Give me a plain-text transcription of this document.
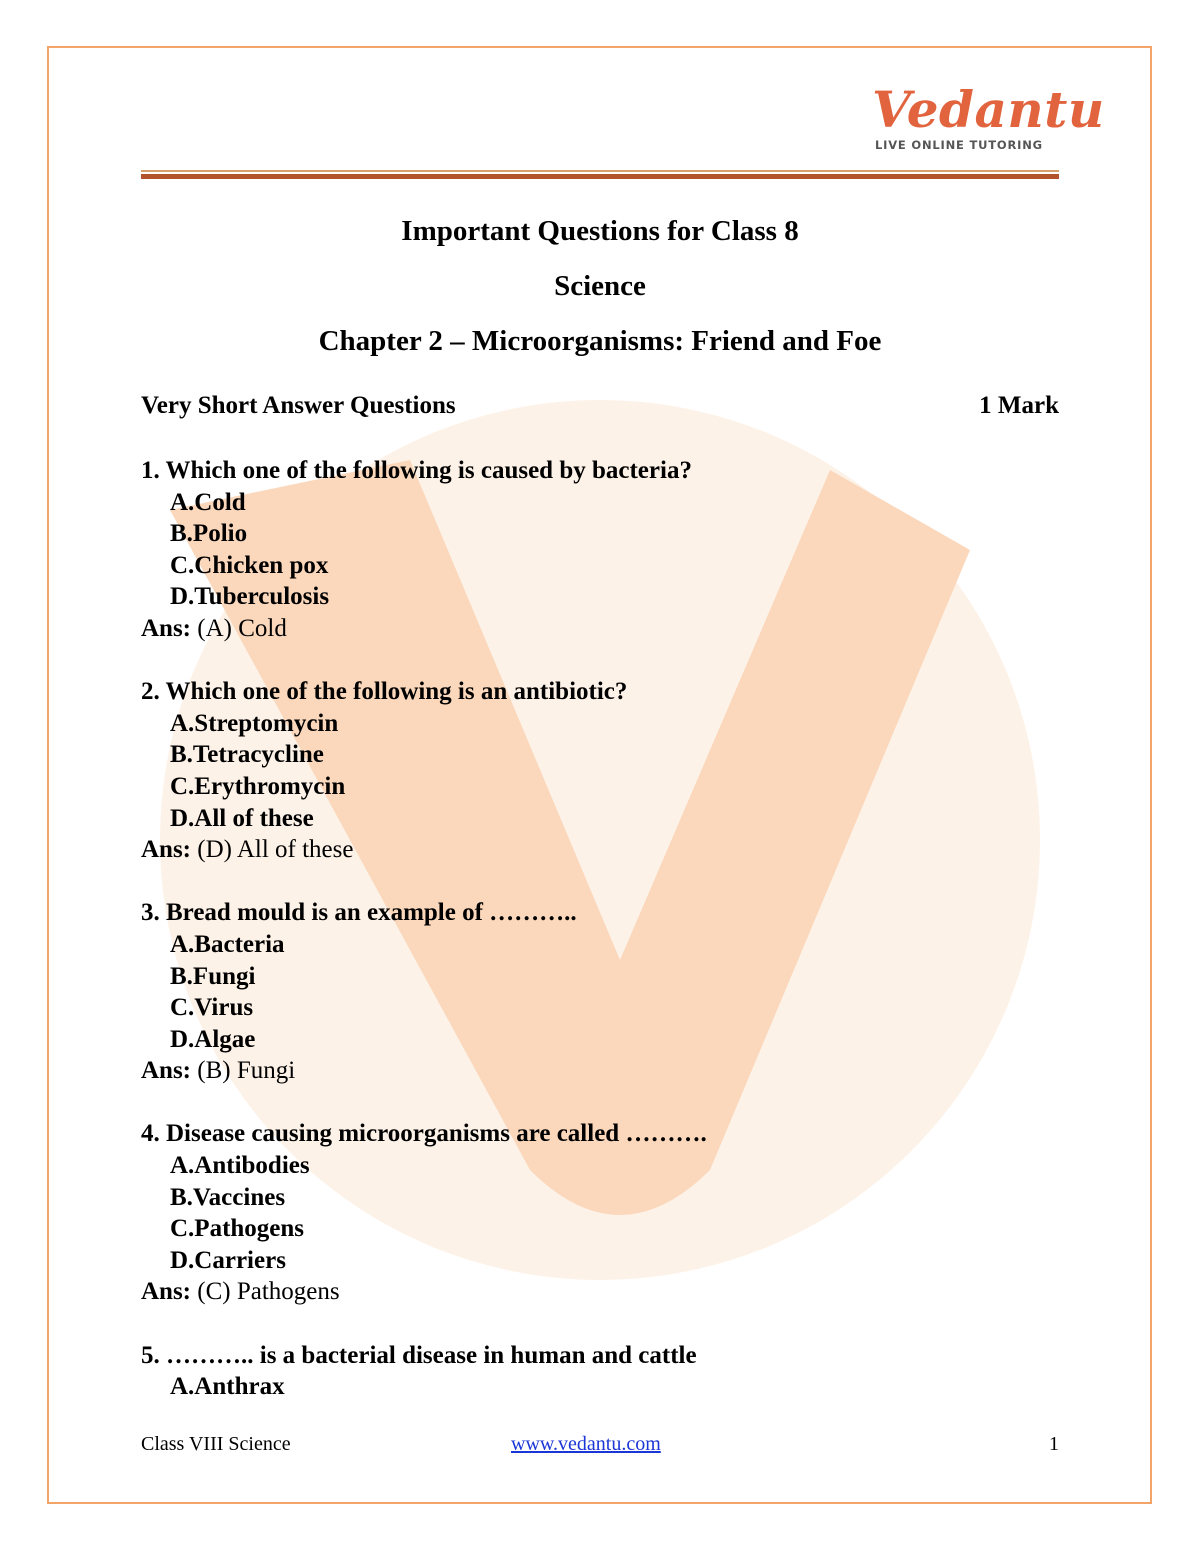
Vedantu
LIVE ONLINE TUTORING
Important Questions for Class 8
Science
Chapter 2 – Microorganisms: Friend and Foe
Very Short Answer Questions	1 Mark
1. Which one of the following is caused by bacteria?
A.Cold
B.Polio
C.Chicken pox
D.Tuberculosis
Ans: (A) Cold
2. Which one of the following is an antibiotic?
A.Streptomycin
B.Tetracycline
C.Erythromycin
D.All of these
Ans: (D) All of these
3. Bread mould is an example of ………..
A.Bacteria
B.Fungi
C.Virus
D.Algae
Ans: (B) Fungi
4. Disease causing microorganisms are called ……….
A.Antibodies
B.Vaccines
C.Pathogens
D.Carriers
Ans: (C) Pathogens
5. ……….. is a bacterial disease in human and cattle
A.Anthrax
Class VIII Science	www.vedantu.com	1
